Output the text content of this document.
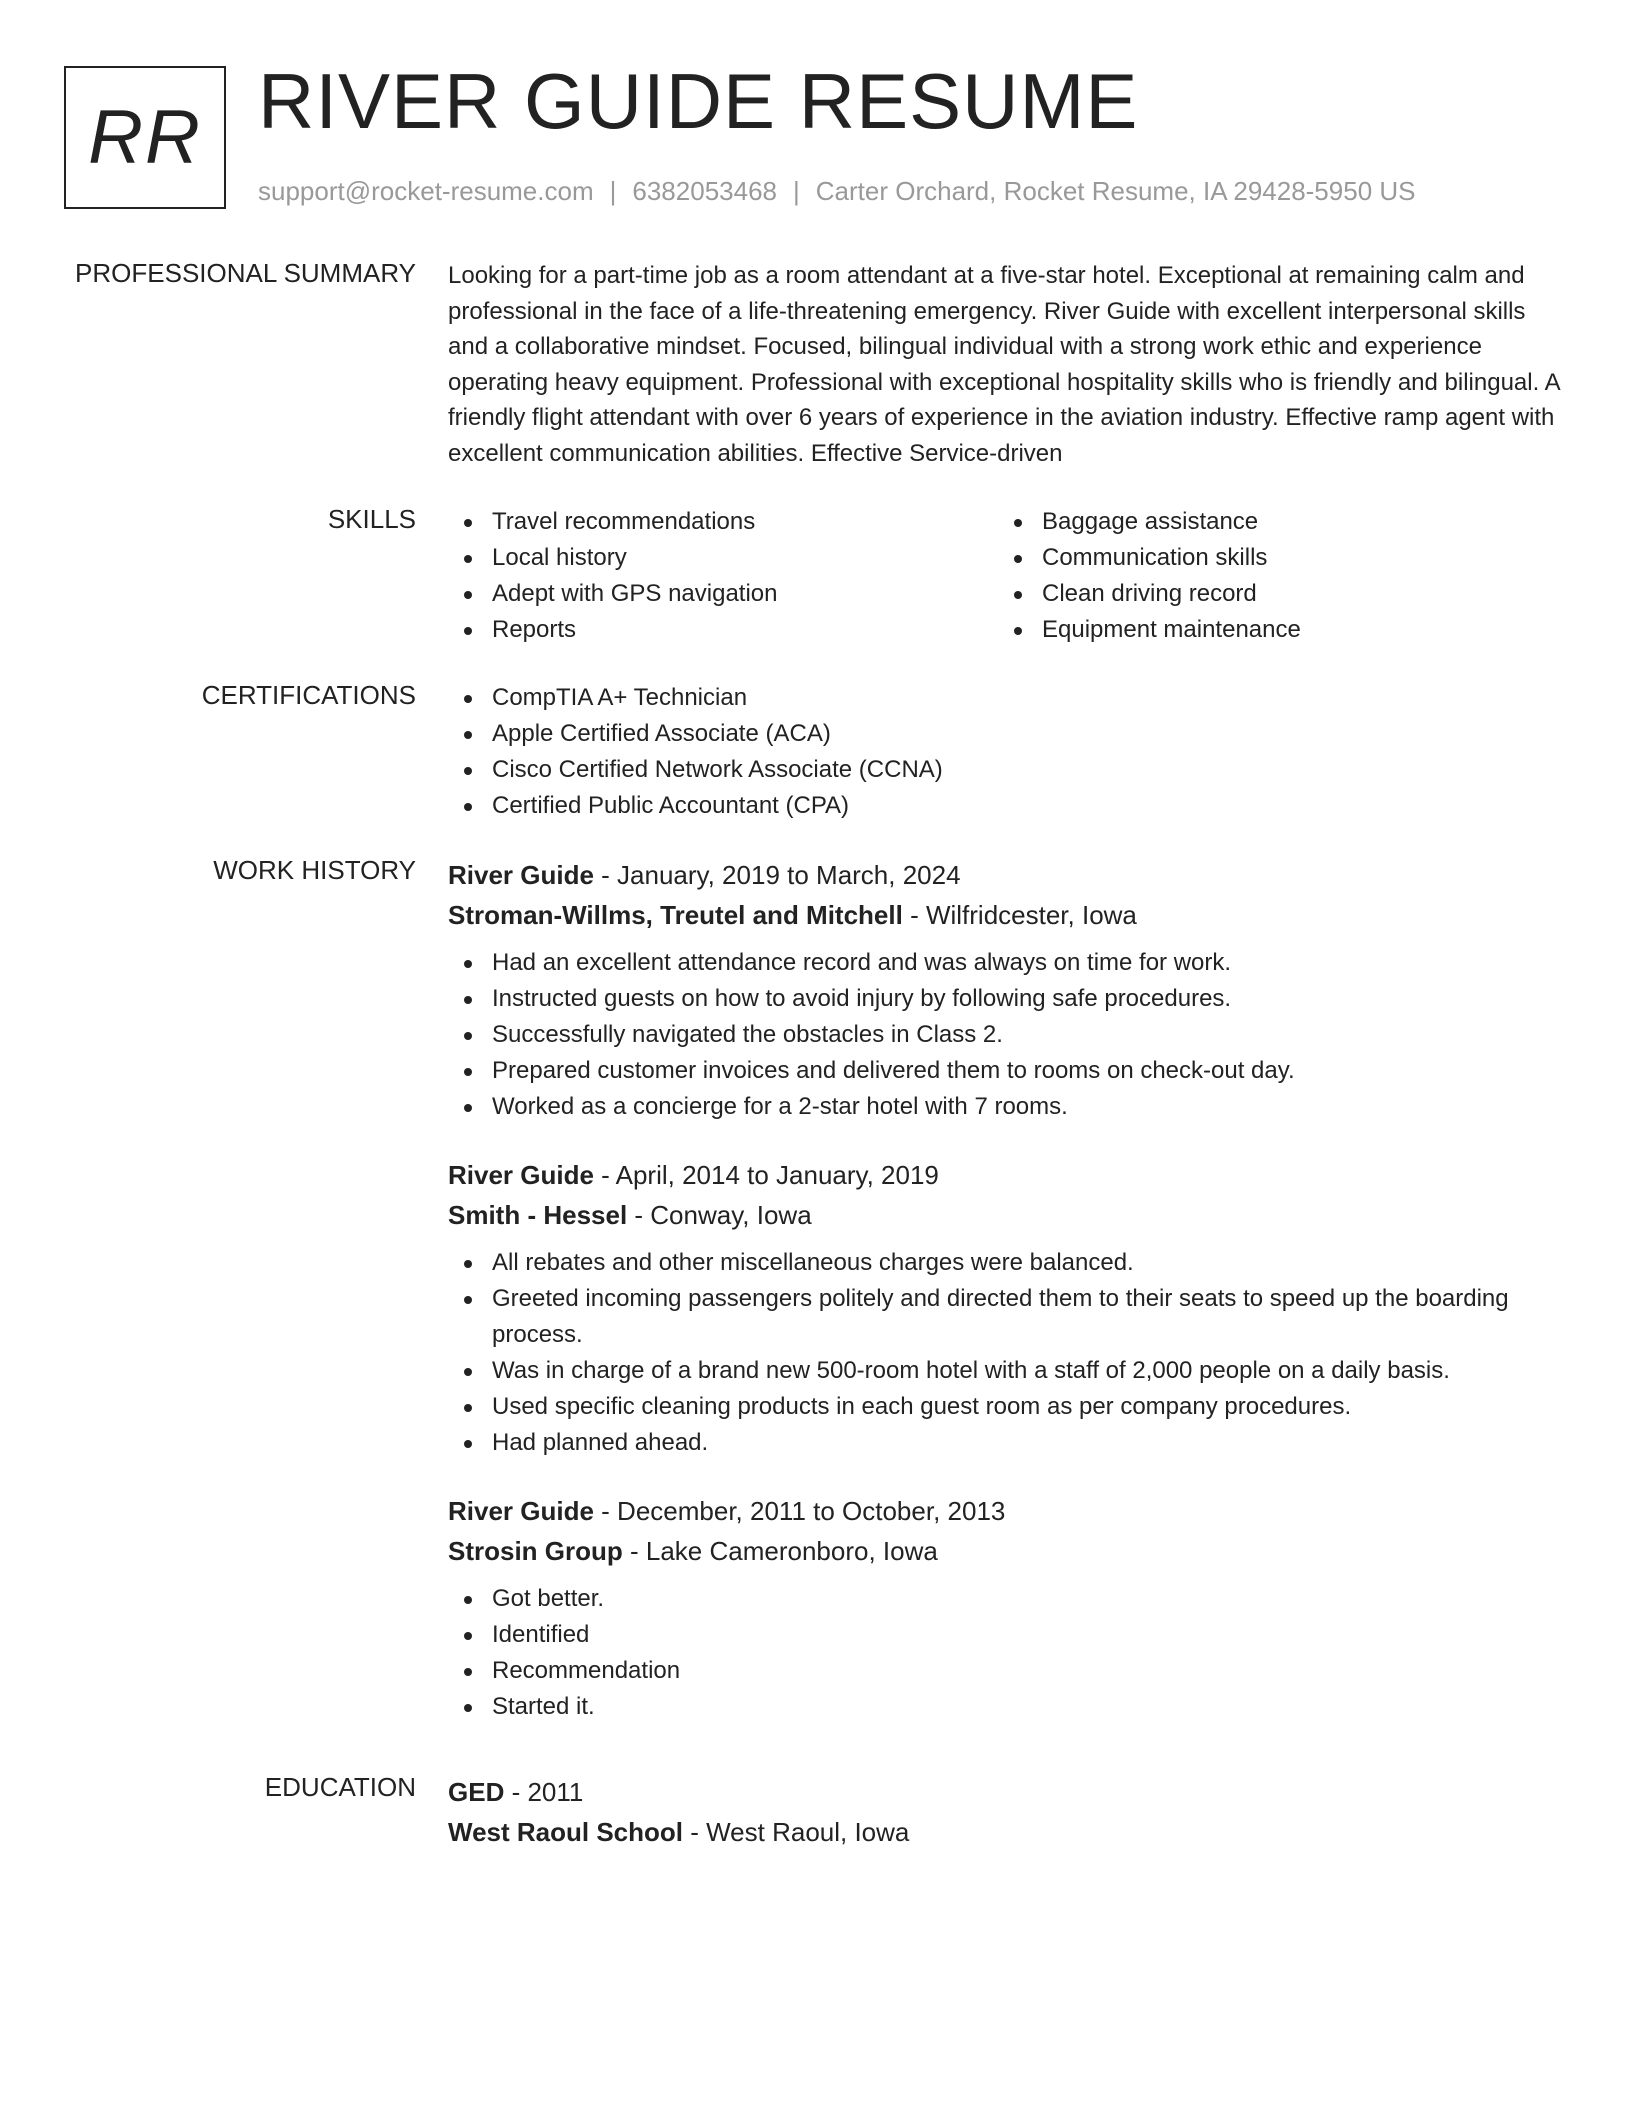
RR RIVER GUIDE RESUME
support@rocket-resume.com | 6382053468 | Carter Orchard, Rocket Resume, IA 29428-5950 US
PROFESSIONAL SUMMARY Looking for a part-time job as a room attendant at a five-star hotel. Exceptional at remaining calm and professional in the face of a life-threatening emergency. River Guide with excellent interpersonal skills and a collaborative mindset. Focused, bilingual individual with a strong work ethic and experience operating heavy equipment. Professional with exceptional hospitality skills who is friendly and bilingual. A friendly flight attendant with over 6 years of experience in the aviation industry. Effective ramp agent with excellent communication abilities. Effective Service-driven
SKILLS	Travel recommendations
Local history
Adept with GPS navigation
Reports
Baggage assistance
Communication skills
Clean driving record
Equipment maintenance
CERTIFICATIONS	CompTIA A+ Technician
Apple Certified Associate (ACA)
Cisco Certified Network Associate (CCNA)
Certified Public Accountant (CPA)
WORK HISTORY River Guide - January, 2019 to March, 2024
Stroman-Willms, Treutel and Mitchell - Wilfridcester, Iowa
Had an excellent attendance record and was always on time for work.
Instructed guests on how to avoid injury by following safe procedures.
Successfully navigated the obstacles in Class 2.
Prepared customer invoices and delivered them to rooms on check-out day.
Worked as a concierge for a 2-star hotel with 7 rooms.
River Guide - April, 2014 to January, 2019
Smith - Hessel - Conway, Iowa
All rebates and other miscellaneous charges were balanced.
Greeted incoming passengers politely and directed them to their seats to speed up the boarding process.
Was in charge of a brand new 500-room hotel with a staff of 2,000 people on a daily basis.
Used specific cleaning products in each guest room as per company procedures.
Had planned ahead.
River Guide - December, 2011 to October, 2013
Strosin Group - Lake Cameronboro, Iowa
Got better.
Identified
Recommendation
Started it.
EDUCATION GED - 2011
West Raoul School - West Raoul, Iowa
